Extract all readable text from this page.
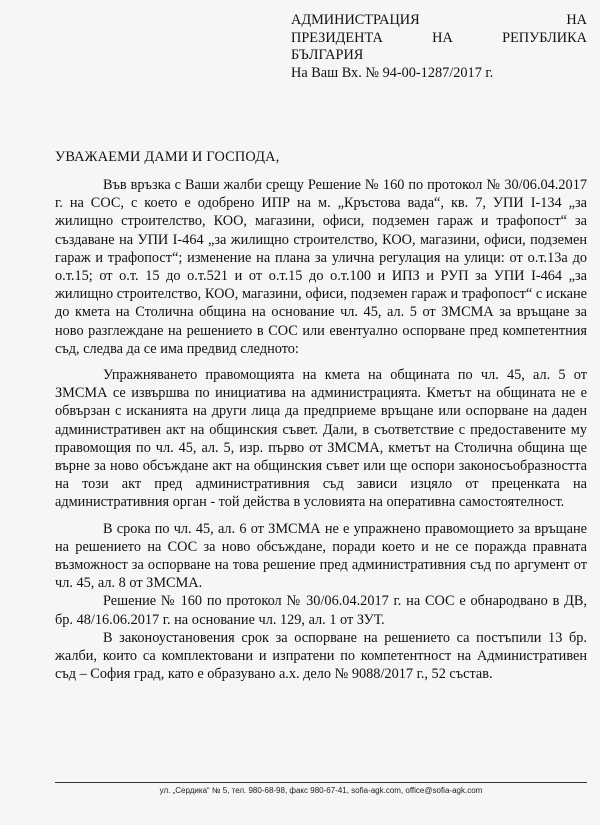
АДМИНИСТРАЦИЯ НА
ПРЕЗИДЕНТА НА РЕПУБЛИКА
БЪЛГАРИЯ
На Ваш Вх. № 94-00-1287/2017 г.
УВАЖАЕМИ ДАМИ И ГОСПОДА,

Във връзка с Ваши жалби срещу Решение № 160 по протокол № 30/06.04.2017 г. на СОС, с което е одобрено ИПР на м. „Кръстова вада“, кв. 7, УПИ І-134 „за жилищно строителство, КОО, магазини, офиси, подземен гараж и трафопост“ за създаване на УПИ І-464 „за жилищно строителство, КОО, магазини, офиси, подземен гараж и трафопост“; изменение на плана за улична регулация на улици: от о.т.13а до о.т.15; от о.т. 15 до о.т.521 и от о.т.15 до о.т.100 и ИПЗ и РУП за УПИ І-464 „за жилищно строителство, КОО, магазини, офиси, подземен гараж и трафопост“ с искане до кмета на Столична община на основание чл. 45, ал. 5 от ЗМСМА за връщане за ново разглеждане на решението в СОС или евентуално оспорване пред компетентния съд, следва да се има предвид следното:

Упражняването правомощията на кмета на общината по чл. 45, ал. 5 от ЗМСМА се извършва по инициатива на администрацията. Кметът на общината не е обвързан с исканията на други лица да предприеме връщане или оспорване на даден административен акт на общинския съвет. Дали, в съответствие с предоставените му правомощия по чл. 45, ал. 5, изр. първо от ЗМСМА, кметът на Столична община ще върне за ново обсъждане акт на общинския съвет или ще оспори законосъобразността на този акт пред административния съд зависи изцяло от преценката на административния орган - той действа в условията на оперативна самостоятелност.

В срока по чл. 45, ал. 6 от ЗМСМА не е упражнено правомощието за връщане на решението на СОС за ново обсъждане, поради което и не се поражда правната възможност за оспорване на това решение пред административния съд по аргумент от чл. 45, ал. 8 от ЗМСМА.

Решение № 160 по протокол № 30/06.04.2017 г. на СОС е обнародвано в ДВ, бр. 48/16.06.2017 г. на основание чл. 129, ал. 1 от ЗУТ.

В законоустановения срок за оспорване на решението са постъпили 13 бр. жалби, които са комплектовани и изпратени по компетентност на Административен съд – София град, като е образувано а.х. дело № 9088/2017 г., 52 състав.

ул. „Сердика“ № 5, тел. 980-68-98, факс 980-67-41, sofia-agk.com, office@sofia-agk.com
